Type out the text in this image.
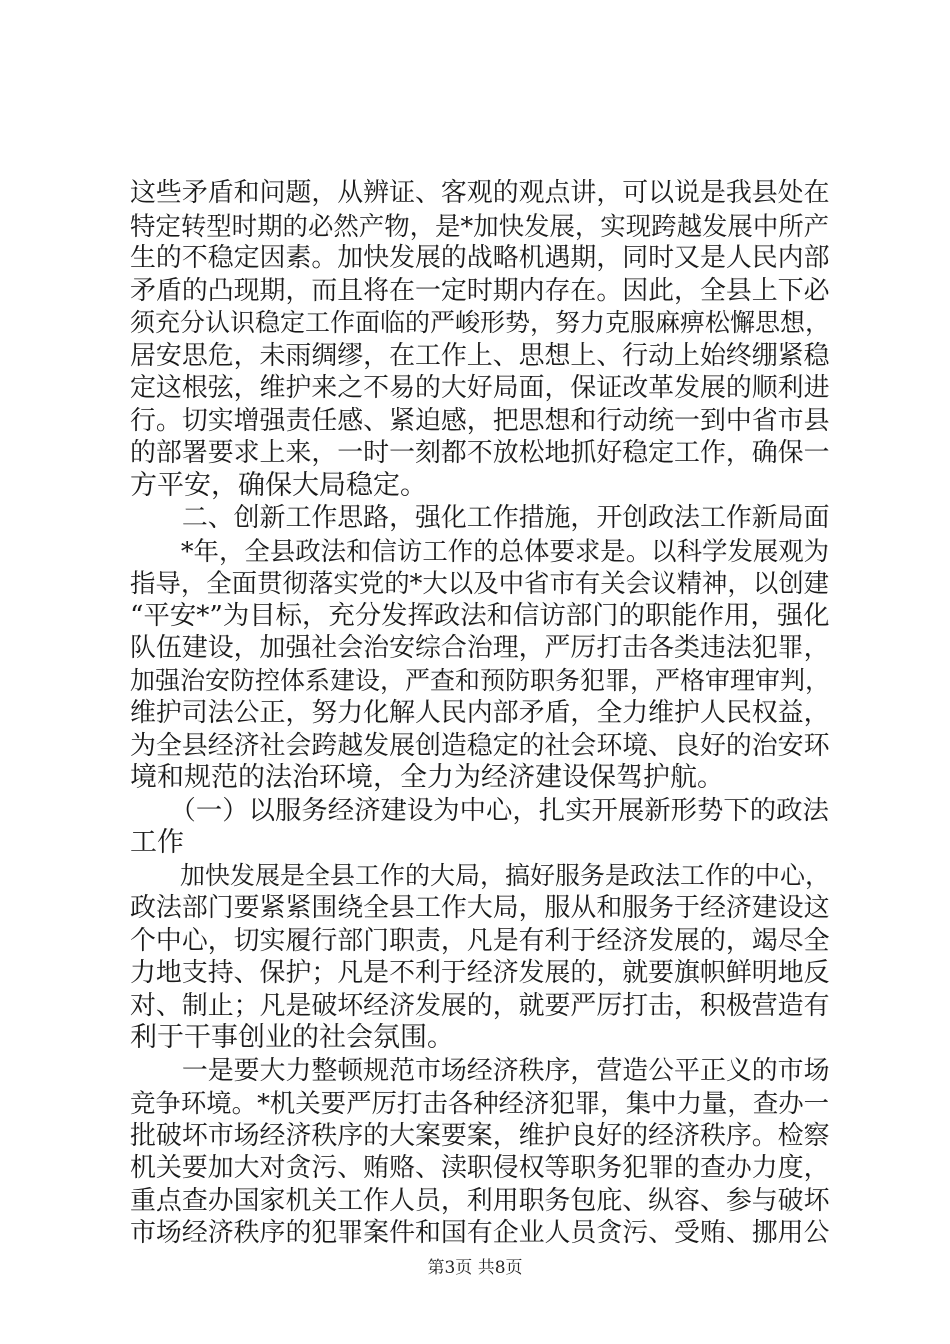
这些矛盾和问题，从辨证、客观的观点讲，可以说是我县处在
特定转型时期的必然产物，是*加快发展，实现跨越发展中所产
生的不稳定因素。加快发展的战略机遇期，同时又是人民内部
矛盾的凸现期，而且将在一定时期内存在。因此，全县上下必
须充分认识稳定工作面临的严峻形势，努力克服麻痹松懈思想，
居安思危，未雨绸缪，在工作上、思想上、行动上始终绷紧稳
定这根弦，维护来之不易的大好局面，保证改革发展的顺利进
行。切实增强责任感、紧迫感，把思想和行动统一到中省市县
的部署要求上来，一时一刻都不放松地抓好稳定工作，确保一
方平安，确保大局稳定。
　　二、创新工作思路，强化工作措施，开创政法工作新局面
　　*年，全县政法和信访工作的总体要求是。以科学发展观为
指导，全面贯彻落实党的*大以及中省市有关会议精神，以创建
“平安*”为目标，充分发挥政法和信访部门的职能作用，强化
队伍建设，加强社会治安综合治理，严厉打击各类违法犯罪，
加强治安防控体系建设，严查和预防职务犯罪，严格审理审判，
维护司法公正，努力化解人民内部矛盾，全力维护人民权益，
为全县经济社会跨越发展创造稳定的社会环境、良好的治安环
境和规范的法治环境，全力为经济建设保驾护航。
　　（一）以服务经济建设为中心，扎实开展新形势下的政法
工作
　　加快发展是全县工作的大局，搞好服务是政法工作的中心，
政法部门要紧紧围绕全县工作大局，服从和服务于经济建设这
个中心，切实履行部门职责，凡是有利于经济发展的，竭尽全
力地支持、保护；凡是不利于经济发展的，就要旗帜鲜明地反
对、制止；凡是破坏经济发展的，就要严厉打击，积极营造有
利于干事创业的社会氛围。
　　一是要大力整顿规范市场经济秩序，营造公平正义的市场
竞争环境。*机关要严厉打击各种经济犯罪，集中力量，查办一
批破坏市场经济秩序的大案要案，维护良好的经济秩序。检察
机关要加大对贪污、贿赂、渎职侵权等职务犯罪的查办力度，
重点查办国家机关工作人员，利用职务包庇、纵容、参与破坏
市场经济秩序的犯罪案件和国有企业人员贪污、受贿、挪用公
第3页 共8页
